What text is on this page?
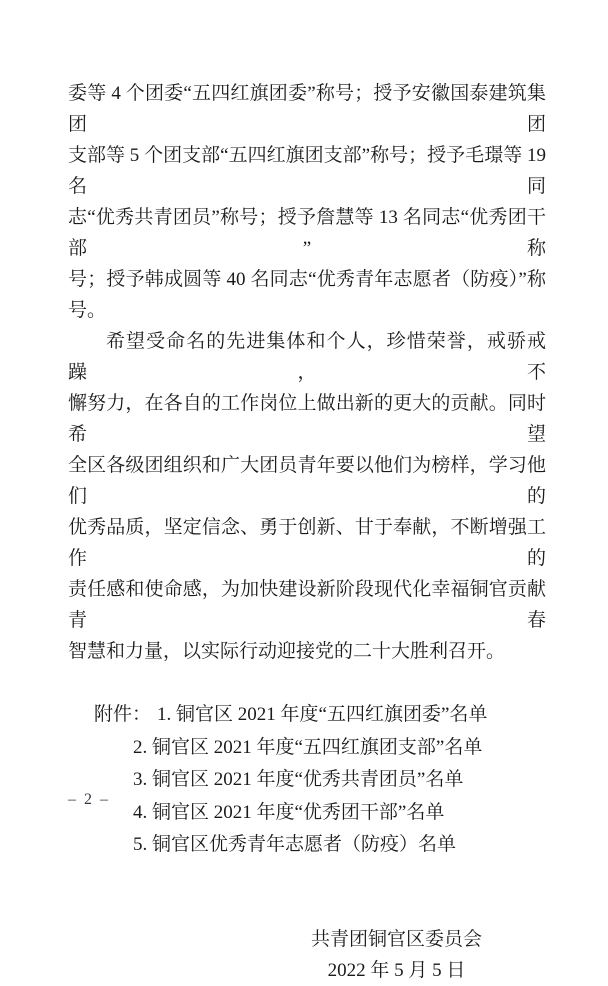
委等 4 个团委“五四红旗团委”称号；授予安徽国泰建筑集团团
支部等 5 个团支部“五四红旗团支部”称号；授予毛璟等 19 名同
志“优秀共青团员”称号；授予詹慧等 13 名同志“优秀团干部”称
号；授予韩成圆等 40 名同志“优秀青年志愿者（防疫）”称号。
希望受命名的先进集体和个人，珍惜荣誉，戒骄戒躁，不
懈努力，在各自的工作岗位上做出新的更大的贡献。同时希望
全区各级团组织和广大团员青年要以他们为榜样，学习他们的
优秀品质，坚定信念、勇于创新、甘于奉献，不断增强工作的
责任感和使命感，为加快建设新阶段现代化幸福铜官贡献青春
智慧和力量，以实际行动迎接党的二十大胜利召开。
附件： 1. 铜官区 2021 年度“五四红旗团委”名单
2. 铜官区 2021 年度“五四红旗团支部”名单
3. 铜官区 2021 年度“优秀共青团员”名单
4. 铜官区 2021 年度“优秀团干部”名单
5. 铜官区优秀青年志愿者（防疫）名单
共青团铜官区委员会
2022 年 5 月 5 日
– 2 –
